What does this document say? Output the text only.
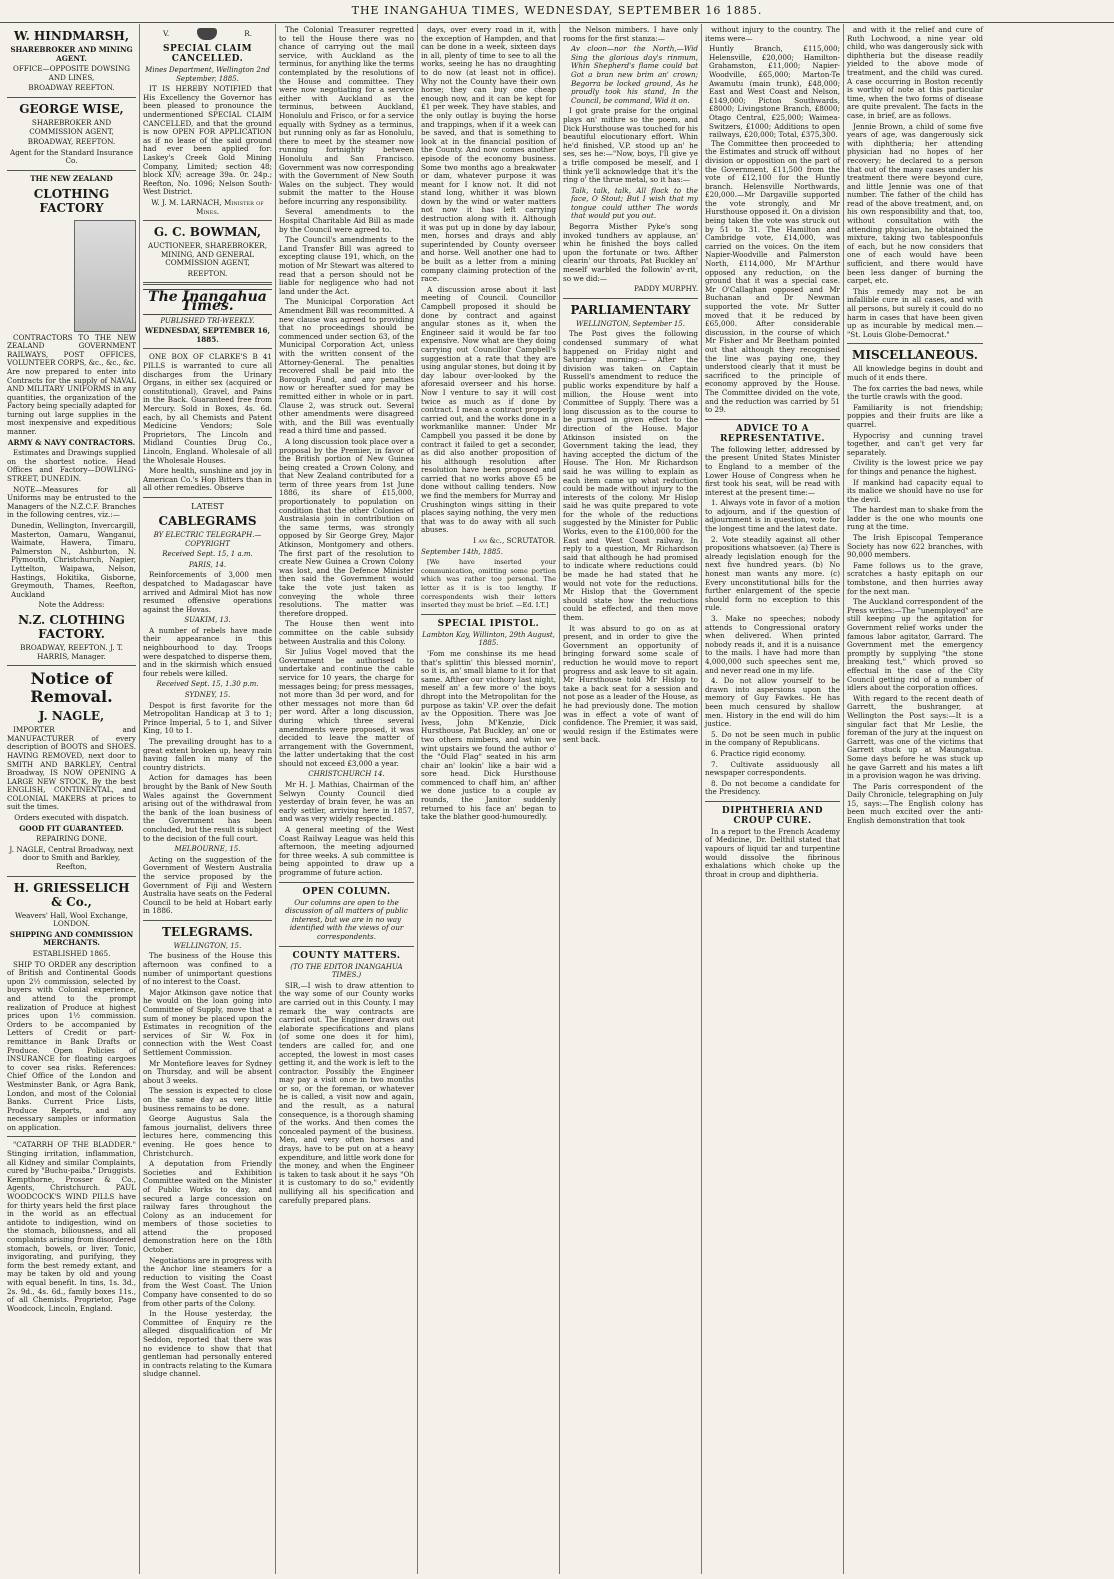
THE INANGAHUA TIMES, WEDNESDAY, SEPTEMBER 16 1885.
W. HINDMARSH,
SHAREBROKER AND MINING AGENT.
OFFICE—OPPOSITE DOWSING AND LINES,
BROADWAY REEFTON.
GEORGE WISE,
SHAREBROKER AND COMMISSION AGENT,
BROADWAY, REEFTON.
Agent for the Standard Insurance Co.
THE NEW ZEALAND
CLOTHING FACTORY

CONTRACTORS TO THE NEW ZEALAND GOVERNMENT RAILWAYS, POST OFFICES, VOLUNTEER CORPS, &c., &c., &c. Are now prepared to enter into Contracts for the supply of NAVAL AND MILITARY UNIFORMS in any quantities, the organization of the Factory being specially adapted for turning out large supplies in the most inexpensive and expeditious manner.

ARMY & NAVY CONTRACTORS.

Estimates and Drawings supplied on the shortest notice. Head Offices and Factory—DOWLING-STREET, DUNEDIN.

NOTE—Measures for all Uniforms may be entrusted to the Managers of the N.Z.C.F. Branches in the following centres, viz.:—

Dunedin, Wellington, Invercargill, Masterton, Oamaru, Wanganui, Waimate, Hawera, Timaru, Palmerston N., Ashburton, N. Plymouth, Christchurch, Napier, Lyttelton, Waipawa, Nelson, Hastings, Hokitika, Gisborne, Greymouth, Thames, Reefton, Auckland

Note the Address:
N.Z. CLOTHING FACTORY.
BROADWAY, REEFTON. J. T. HARRIS, Manager.
Notice of Removal.
J. NAGLE,

IMPORTER and MANUFACTURER of every description of BOOTS and SHOES. HAVING REMOVED, next door to SMITH AND BARKLEY, Central Broadway, IS NOW OPENING A LARGE NEW STOCK, By the best ENGLISH, CONTINENTAL, and COLONIAL MAKERS at prices to suit the times.

Orders executed with dispatch.
GOOD FIT GUARANTEED.
REPAIRING DONE.
J. NAGLE, Central Broadway, next door to Smith and Barkley, Reefton,
H. GRIESSELICH & Co.,
Weavers' Hall, Wool Exchange, LONDON.
SHIPPING AND COMMISSION MERCHANTS.
ESTABLISHED 1865.

SHIP TO ORDER any description of British and Continental Goods upon 2½ commission, selected by buyers with Colonial experience, and attend to the prompt realization of Produce at highest prices upon 1½ commission. Orders to be accompanied by Letters of Credit or part-remittance in Bank Drafts or Produce. Open Policies of INSURANCE for floating cargoes to cover sea risks. References: Chief Office of the London and Westminster Bank, or Agra Bank, London, and most of the Colonial Banks. Current Price Lists, Produce Reports, and any necessary samples or information on application.

"CATARRH OF THE BLADDER." Stinging irritation, inflammation, all Kidney and similar Complaints, cured by "Buchu-paiba." Druggists. Kempthorne, Prosser & Co., Agents, Christchurch. PAUL WOODCOCK'S WIND PILLS have for thirty years held the first place in the world as an effectual antidote to indigestion, wind on the stomach, biliousness, and all complaints arising from disordered stomach, bowels, or liver. Tonic, invigorating, and purifying, they form the best remedy extant, and may be taken by old and young with equal benefit. In tins, 1s. 3d., 2s. 9d., 4s. 6d., family boxes 11s., of all Chemists. Proprietor, Page Woodcock, Lincoln, England.

V.	R.
SPECIAL CLAIM CANCELLED.
Mines Department, Wellington 2nd September, 1885.

IT IS HEREBY NOTIFIED that His Excellency the Governor has been pleased to pronounce the undermentioned SPECIAL CLAIM CANCELLED, and that the ground is now OPEN FOR APPLICATION as if no lease of the said ground had ever been applied for: Laskey's Creek Gold Mining Company, Limited; section 48; block XIV; acreage 39a. 0r. 24p.; Reefton, No. 1096; Nelson South-West District.

W. J. M. LARNACH, Minister of Mines.
G. C. BOWMAN,
AUCTIONEER, SHAREBROKER, MINING, AND GENERAL COMMISSION AGENT,
REEFTON.
The Inangahua Times.
PUBLISHED TRI-WEEKLY.
WEDNESDAY, SEPTEMBER 16, 1885.

ONE BOX OF CLARKE'S B 41 PILLS is warranted to cure all discharges from the Urinary Organs, in either sex (acquired or constitutional), Gravel, and Pains in the Back. Guaranteed free from Mercury. Sold in Boxes, 4s. 6d. each, by all Chemists and Patent Medicine Vendors; Sole Proprietors, The Lincoln and Midland Counties Drug Co., Lincoln, England. Wholesale of all the Wholesale Houses.

More health, sunshine and joy in American Co.'s Hop Bitters than in all other remedies. Observe

LATEST
CABLEGRAMS
BY ELECTRIC TELEGRAPH.—COPYRIGHT
Received Sept. 15, 1 a.m.
PARIS, 14.

Reinforcements of 3,000 men despatched to Madagascar have arrived and Admiral Miot has now resumed offensive operations against the Hovas.

SUAKIM, 13.

A number of rebels have made their appearance in this neighbourhood to day. Troops were despatched to disperse them, and in the skirmish which ensued four rebels were killed.

Received Sept. 15, 1.30 p.m.
SYDNEY, 15.

Despot is first favorite for the Metropolitan Handicap at 3 to 1; Prince Imperial, 5 to 1, and Silver King, 10 to 1.

The prevailing drought has to a great extent broken up, heavy rain having fallen in many of the country districts.

Action for damages has been brought by the Bank of New South Wales against the Government arising out of the withdrawal from the bank of the loan business of the Government has been concluded, but the result is subject to the decision of the full court.

MELBOURNE, 15.

Acting on the suggestion of the Government of Western Australia the service proposed by the Government of Fiji and Western Australia have seats on the Federal Council to be held at Hobart early in 1886.

TELEGRAMS.
WELLINGTON, 15.

The business of the House this afternoon was confined to a number of unimportant questions of no interest to the Coast.

Major Atkinson gave notice that he would on the loan going into Committee of Supply, move that a sum of money be placed upon the Estimates in recognition of the services of Sir W. Fox in connection with the West Coast Settlement Commission.

Mr Montefiore leaves for Sydney on Thursday, and will be absent about 3 weeks.

The session is expected to close on the same day as very little business remains to be done.

George Augustus Sala the famous journalist, delivers three lectures here, commencing this evening. He goes hence to Christchurch.

A deputation from Friendly Societies and Exhibition Committee waited on the Minister of Public Works to day, and secured a large concession on railway fares throughout the Colony as an inducement for members of those societies to attend the proposed demonstration here on the 18th October.

Negotiations are in progress with the Anchor line steamers for a reduction to visiting the Coast from the West Coast. The Union Company have consented to do so from other parts of the Colony.

In the House yesterday, the Committee of Enquiry re the alleged disqualification of Mr Seddon, reported that there was no evidence to show that that gentleman had personally entered in contracts relating to the Kumara sludge channel.

The Colonial Treasurer regretted to tell the House there was no chance of carrying out the mail service, with Auckland as the terminus, for anything like the terms contemplated by the resolutions of the House and committee. They were now negotiating for a service either with Auckland as the terminus, between Auckland, Honolulu and Frisco, or for a service equally with Sydney as a terminus, but running only as far as Honolulu, there to meet by the steamer now running fortnightly between Honolulu and San Francisco. Government was now corresponding with the Government of New South Wales on the subject. They would submit the matter to the House before incurring any responsibility.

Several amendments to the Hospital Charitable Aid Bill as made by the Council were agreed to.

The Council's amendments to the Land Transfer Bill was agreed to excepting clause 191, which, on the motion of Mr Stewart was altered to read that a person should not be liable for negligence who had not land under the Act.

The Municipal Corporation Act Amendment Bill was recommitted. A new clause was agreed to providing that no proceedings should be commenced under section 63, of the Municipal Corporation Act, unless with the written consent of the Attorney-General. The penalties recovered shall be paid into the Borough Fund, and any penalties now or hereafter sued for may be remitted either in whole or in part. Clause 2, was struck out. Several other amendments were disagreed with, and the Bill was eventually read a third time and passed.

A long discussion took place over a proposal by the Premier, in favor of the British portion of New Guinea being created a Crown Colony, and that New Zealand contributed for a term of three years from 1st June 1886, its share of £15,000, proportionately to population on condition that the other Colonies of Australasia join in contribution on the same terms, was strongly opposed by Sir George Grey, Major Atkinson, Montgomery and others. The first part of the resolution to create New Guinea a Crown Colony was lost, and the Defence Minister then said the Government would take the vote just taken as conveying the whole three resolutions. The matter was therefore dropped.

The House then went into committee on the cable subsidy between Australia and this Colony.

Sir Julius Vogel moved that the Government be authorised to undertake and continue the cable service for 10 years, the charge for messages being; for press messages, not more than 3d per word, and for other messages not more than 6d per word. After a long discussion, during which three several amendments were proposed, it was decided to leave the matter of arrangement with the Government, the latter undertaking that the cost should not exceed £3,000 a year.

CHRISTCHURCH 14.

Mr H. J. Mathias, Chairman of the Selwyn County Council died yesterday of brain fever, he was an early settler, arriving here in 1857, and was very widely respected.

A general meeting of the West Coast Railway League was held this afternoon, the meeting adjourned for three weeks. A sub committee is being appointed to draw up a programme of future action.

OPEN COLUMN.

Our columns are open to the discussion of all matters of public interest, but we are in no way identified with the views of our correspondents.

COUNTY MATTERS.
(TO THE EDITOR INANGAHUA TIMES.)

SIR,—I wish to draw attention to the way some of our County works are carried out in this County. I may remark the way contracts are carried out. The Engineer draws out elaborate specifications and plans (of some one does it for him), tenders are called for, and one accepted, the lowest in most cases getting it, and the work is left to the contractor. Possibly the Engineer may pay a visit once in two months or so, or the foreman, or whatever he is called, a visit now and again, and the result, as a natural consequence, is a thorough shaming of the works. And then comes the concealed payment of the business. Men, and very often horses and drays, have to be put on at a heavy expenditure, and little work done for the money, and when the Engineer is taken to task about it he says "Oh it is customary to do so," evidently nullifying all his specification and carefully prepared plans.

days, over every road in it, with the exception of Hampden, and that can be done in a week, sixteen days in all, plenty of time to see to all the works, seeing he has no draughting to do now (at least not in office). Why not the County have their own horse; they can buy one cheap enough now, and it can be kept for £1 per week. They have stables, and the only outlay is buying the horse and trappings, when if it a week can be saved, and that is something to look at in the financial position of the County. And now comes another episode of the economy business. Some two months ago a breakwater or dam, whatever purpose it was meant for I know not. It did not stand long, whither it was blown down by the wind or water matters not now it has left carrying destruction along with it. Although it was put up in done by day labour, men, horses and drays and ably superintended by County overseer and horse. Well another one had to be built as a letter from a mining company claiming protection of the race.

A discussion arose about it last meeting of Council. Councillor Campbell proposed it should be done by contract and against angular stones as it, when the Engineer said it would be far too expensive. Now what are they doing carrying out Councillor Campbell's suggestion at a rate that they are using angular stones, but doing it by day labour over-looked by the aforesaid overseer and his horse. Now I venture to say it will cost twice as much as if done by contract. I mean a contract properly carried out, and the works done in a workmanlike manner. Under Mr Campbell you passed it be done by contract it failed to get a seconder, as did also another proposition of his although resolution after resolution have been proposed and carried that no works above £5 be done without calling tenders. Now we find the members for Murray and Crushington wings sitting in their places saying nothing, the very men that was to do away with all such abuses.

I am &c., SCRUTATOR.
September 14th, 1885.

[We have inserted your communication, omitting some portion which was rather too personal. The letter as it is is too lengthy. If correspondents wish their letters inserted they must be brief. —Ed. I.T.]

SPECIAL IPISTOL.
Lambton Kay, Willinton, 29th August, 1885.

'Fom me conshinse its me head that's splittin' this blessed mornin', so it is, an' small blame to it for that same. Afther our victhory last night, meself an' a few more o' the boys dhropt into the Metropolitan for the purpose as takin' V.P. over the defait av the Opposition. There was Joe Ivess, John M'Kenzie, Dick Hursthouse, Pat Buckley, an' one or two others mimbers, and whin we wint upstairs we found the author o' the "Ould Flag" seated in his arm chair an' lookin' like a bair wid a sore head. Dick Hursthouse commenced to chaff him, an' afther we done justice to a couple av rounds, the Janitor suddenly returned to his face an' began to take the blather good-humouredly.

the Nelson mimbers. I have only rooms for the first stanza:—

Av cloon—nor the North,—Wid Sing the glorious day's rinmum, Whin Shepherd's flame could bat Got a bran new brim an' crown; Begorra be locked ground, As he proudly took his stand, In the Council, be command, Wid it on.

I got grate praise for the original plays an' mithre so the poem, and Dick Hursthouse was touched for his beautiful elocutionary effort. Whin he'd finished, V.P. stood up an' he ses, ses he:—"Now, boys, I'll give ye a trifle composed be meself, and I think ye'll acknowledge that it's the ring o' the thrue metal, so it has:—

Talk, talk, talk, All flock to the face, O Stout; But I wish that my tongue could utther The words that would put you out.

Begorra Misther Pyke's song invoked tundhers av applause, an' whin he finished the boys called upon the fortunate or two. Afther clearin' our throats, Pat Buckley an' meself warbled the followin' av-rit, so we did:—

PADDY MURPHY.
PARLIAMENTARY
WELLINGTON, September 15.

The Post gives the following condensed summary of what happened on Friday night and Saturday morning:— After the division was taken on Captain Russell's amendment to reduce the public works expenditure by half a million, the House went into Committee of Supply. There was a long discussion as to the course to be pursued in given effect to the direction of the House. Major Atkinson insisted on the Government taking the lead, they having accepted the dictum of the House. The Hon. Mr Richardson said he was willing to explain as each item came up what reduction could be made without injury to the interests of the colony. Mr Hislop said he was quite prepared to vote for the whole of the reductions suggested by the Minister for Public Works, even to the £100,000 for the East and West Coast railway. In reply to a question, Mr Richardson said that although he had promised to indicate where reductions could be made he had stated that he would not vote for the reductions. Mr Hislop that the Government should state how the reductions could be effected, and then move them.

It was absurd to go on as at present, and in order to give the Government an opportunity of bringing forward some scale of reduction he would move to report progress and ask leave to sit again. Mr Hursthouse told Mr Hislop to take a back seat for a session and not pose as a leader of the House, as he had previously done. The motion was in effect a vote of want of confidence. The Premier, it was said, would resign if the Estimates were sent back.

without injury to the country. The items were—

Huntly Branch, £115,000; Helensville, £20,000; Hamilton-Grahamston, £11,000; Napier-Woodville, £65,000; Marton-Te Awamutu (main trunk), £48,000; East and West Coast and Nelson, £149,000; Picton Southwards, £8000; Livingstone Branch, £8000; Otago Central, £25,000; Waimea-Switzers, £1000; Additions to open railways, £20,000; Total, £375,300.

The Committee then proceeded to the Estimates and struck off without division or opposition on the part of the Government, £11,500 from the vote of £12,100 for the Huntly branch. Helensville Northwards, £20,000.—Mr Dargaville supported the vote strongly, and Mr Hursthouse opposed it. On a division being taken the vote was struck out by 51 to 31. The Hamilton and Cambridge vote, £14,000, was carried on the voices. On the item Napier-Woodville and Palmerston North, £114,000, Mr M'Arthur opposed any reduction, on the ground that it was a special case. Mr O'Callaghan opposed and Mr Buchanan and Dr Newman supported the vote. Mr Sutter moved that it be reduced by £65,000. After considerable discussion, in the course of which Mr Fisher and Mr Beetham pointed out that although they recognised the line was paying one, they understood clearly that it must be sacrificed to the principle of economy approved by the House. The Committee divided on the vote, and the reduction was carried by 51 to 29.

ADVICE TO A REPRESENTATIVE.

The following letter, addressed by the present United States Minister to England to a member of the Lower House of Congress when he first took his seat, will be read with interest at the present time:—

1. Always vote in favor of a motion to adjourn, and if the question of adjournment is in question, vote for the longest time and the latest date.

2. Vote steadily against all other propositions whatsoever. (a) There is already legislation enough for the next five hundred years. (b) No honest man wants any more. (c) Every unconstitutional bills for the further enlargement of the specie should form no exception to this rule.

3. Make no speeches; nobody attends to Congressional oratory when delivered. When printed nobody reads it, and it is a nuisance to the mails. I have had more than 4,000,000 such speeches sent me, and never read one in my life.

4. Do not allow yourself to be drawn into aspersions upon the memory of Guy Fawkes. He has been much censured by shallow men. History in the end will do him justice.

5. Do not be seen much in public in the company of Republicans.

6. Practice rigid economy.

7. Cultivate assiduously all newspaper correspondents.

8. Do not become a candidate for the Presidency.

DIPHTHERIA AND CROUP CURE.

In a report to the French Academy of Medicine, Dr. Delthil stated that vapours of liquid tar and turpentine would dissolve the fibrinous exhalations which choke up the throat in croup and diphtheria.

and with it the relief and cure of Ruth Lochwood, a nine year old child, who was dangerously sick with diphtheria but the disease readily yielded to the above mode of treatment, and the child was cured. A case occurring in Boston recently is worthy of note at this particular time, when the two forms of disease are quite prevalent. The facts in the case, in brief, are as follows.

Jennie Brown, a child of some five years of age, was dangerously sick with diphtheria; her attending physician had no hopes of her recovery; he declared to a person that out of the many cases under his treatment there were beyond cure, and little Jennie was one of that number. The father of the child has read of the above treatment, and, on his own responsibility and that, too, without consultation with the attending physician, he obtained the mixture, taking two tablespoonfuls of each, but he now considers that one of each would have been sufficient, and there would have been less danger of burning the carpet, etc.

This remedy may not be an infallible cure in all cases, and with all persons, but surely it could do no harm in cases that have been given up as incurable by medical men.— "St. Louis Globe-Democrat."

MISCELLANEOUS.

All knowledge begins in doubt and much of it ends there.

The fox carries the bad news, while the turtle crawls with the good.

Familiarity is not friendship; poppies and their fruits are like a quarrel.

Hypocrisy and cunning travel together, and can't get very far separately.

Civility is the lowest price we pay for things and penance the highest.

If mankind had capacity equal to its malice we should have no use for the devil.

The hardest man to shake from the ladder is the one who mounts one rung at the time.

The Irish Episcopal Temperance Society has now 622 branches, with 90,000 members.

Fame follows us to the grave, scratches a hasty epitaph on our tombstone, and then hurries away for the next man.

The Auckland correspondent of the Press writes:—The "unemployed" are still keeping up the agitation for Government relief works under the famous labor agitator, Garrard. The Government met the emergency promptly by supplying "the stone breaking test," which proved so effectual in the case of the City Council getting rid of a number of idlers about the corporation offices.

With regard to the recent death of Garrett, the bushranger, at Wellington the Post says:—It is a singular fact that Mr Leslie, the foreman of the jury at the inquest on Garrett, was one of the victims that Garrett stuck up at Maungatua. Some days before he was stuck up he gave Garrett and his mates a lift in a provision wagon he was driving.

The Paris correspondent of the Daily Chronicle, telegraphing on July 15, says:—The English colony has been much excited over the anti-English demonstration that took
